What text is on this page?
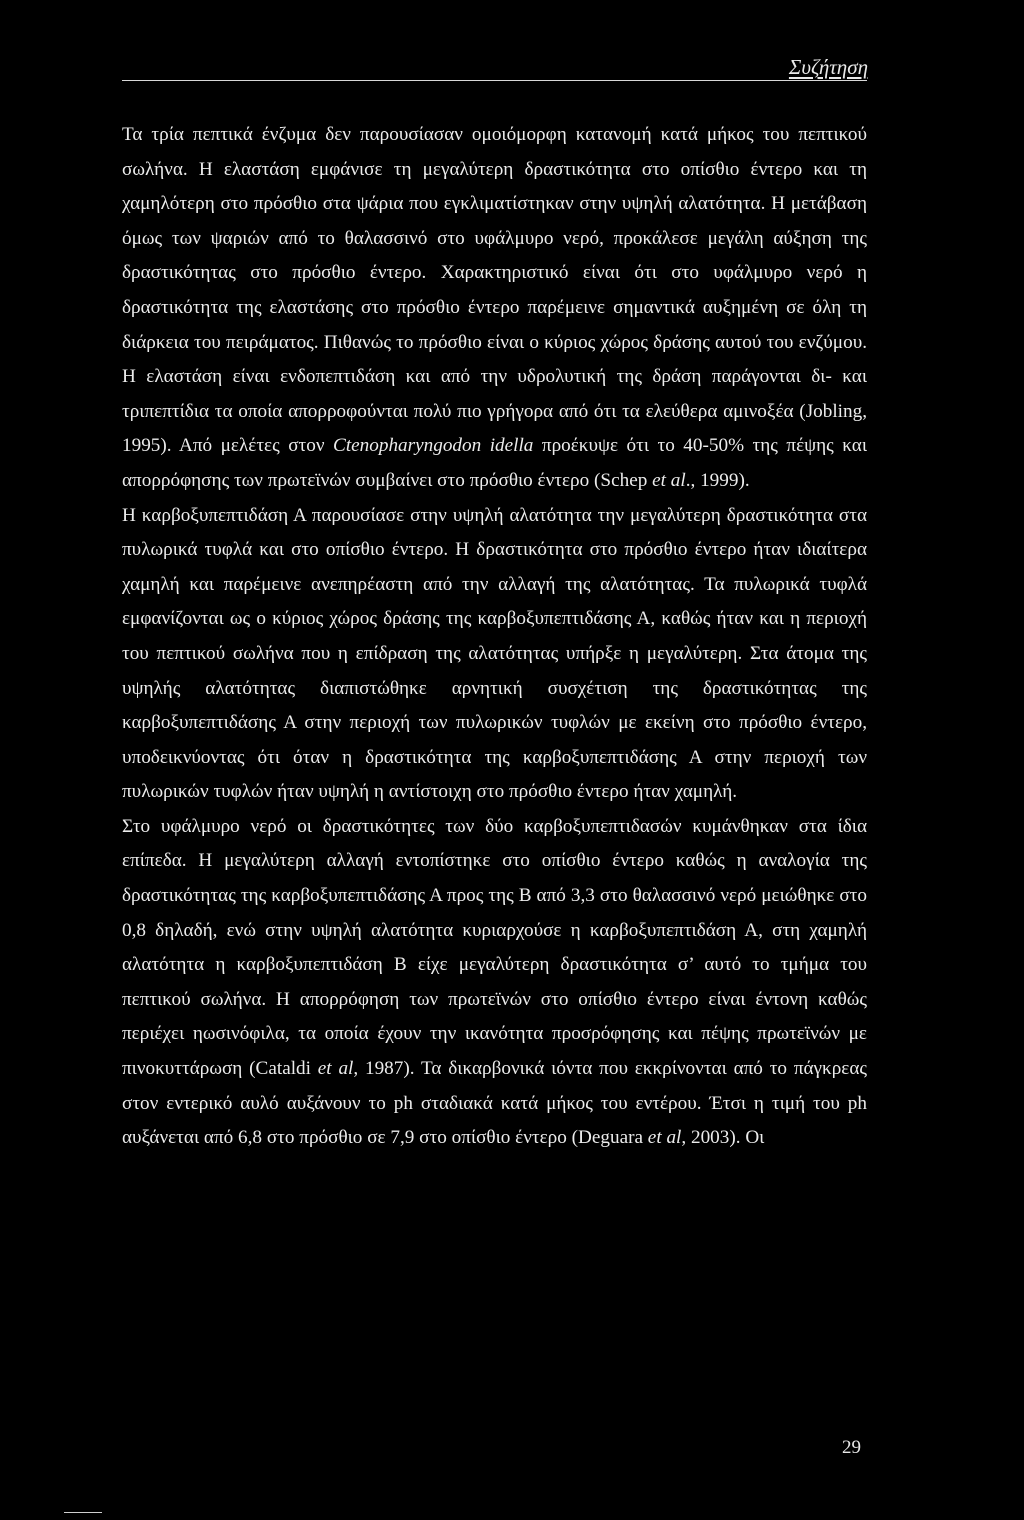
Συζήτηση

Τα τρία πεπτικά ένζυμα δεν παρουσίασαν ομοιόμορφη κατανομή κατά μήκος του πεπτικού σωλήνα. Η ελαστάση εμφάνισε τη μεγαλύτερη δραστικότητα στο οπίσθιο έντερο και τη χαμηλότερη στο πρόσθιο στα ψάρια που εγκλιματίστηκαν στην υψηλή αλατότητα. Η μετάβαση όμως των ψαριών από το θαλασσινό στο υφάλμυρο νερό, προκάλεσε μεγάλη αύξηση της δραστικότητας στο πρόσθιο έντερο. Χαρακτηριστικό είναι ότι στο υφάλμυρο νερό η δραστικότητα της ελαστάσης στο πρόσθιο έντερο παρέμεινε σημαντικά αυξημένη σε όλη τη διάρκεια του πειράματος. Πιθανώς το πρόσθιο είναι ο κύριος χώρος δράσης αυτού του ενζύμου. Η ελαστάση είναι ενδοπεπτιδάση και από την υδρολυτική της δράση παράγονται δι- και τριπεπτίδια τα οποία απορροφούνται πολύ πιο γρήγορα από ότι τα ελεύθερα αμινοξέα (Jobling, 1995). Από μελέτες στον Ctenopharyngodon idella προέκυψε ότι το 40-50% της πέψης και απορρόφησης των πρωτεϊνών συμβαίνει στο πρόσθιο έντερο (Schep et al., 1999).

Η καρβοξυπεπτιδάση Α παρουσίασε στην υψηλή αλατότητα την μεγαλύτερη δραστικότητα στα πυλωρικά τυφλά και στο οπίσθιο έντερο. Η δραστικότητα στο πρόσθιο έντερο ήταν ιδιαίτερα χαμηλή και παρέμεινε ανεπηρέαστη από την αλλαγή της αλατότητας. Τα πυλωρικά τυφλά εμφανίζονται ως ο κύριος χώρος δράσης της καρβοξυπεπτιδάσης Α, καθώς ήταν και η περιοχή του πεπτικού σωλήνα που η επίδραση της αλατότητας υπήρξε η μεγαλύτερη. Στα άτομα της υψηλής αλατότητας διαπιστώθηκε αρνητική συσχέτιση της δραστικότητας της καρβοξυπεπτιδάσης Α στην περιοχή των πυλωρικών τυφλών με εκείνη στο πρόσθιο έντερο, υποδεικνύοντας ότι όταν η δραστικότητα της καρβοξυπεπτιδάσης Α στην περιοχή των πυλωρικών τυφλών ήταν υψηλή η αντίστοιχη στο πρόσθιο έντερο ήταν χαμηλή.

Στο υφάλμυρο νερό οι δραστικότητες των δύο καρβοξυπεπτιδασών κυμάνθηκαν στα ίδια επίπεδα. Η μεγαλύτερη αλλαγή εντοπίστηκε στο οπίσθιο έντερο καθώς η αναλογία της δραστικότητας της καρβοξυπεπτιδάσης Α προς της Β από 3,3 στο θαλασσινό νερό μειώθηκε στο 0,8 δηλαδή, ενώ στην υψηλή αλατότητα κυριαρχούσε η καρβοξυπεπτιδάση Α, στη χαμηλή αλατότητα η καρβοξυπεπτιδάση Β είχε μεγαλύτερη δραστικότητα σ’ αυτό το τμήμα του πεπτικού σωλήνα. Η απορρόφηση των πρωτεϊνών στο οπίσθιο έντερο είναι έντονη καθώς περιέχει ηωσινόφιλα, τα οποία έχουν την ικανότητα προσρόφησης και πέψης πρωτεϊνών με πινοκυττάρωση (Cataldi et al, 1987). Τα δικαρβονικά ιόντα που εκκρίνονται από το πάγκρεας στον εντερικό αυλό αυξάνουν το ph σταδιακά κατά μήκος του εντέρου. Έτσι η τιμή του ph αυξάνεται από 6,8 στο πρόσθιο σε 7,9 στο οπίσθιο έντερο (Deguara et al, 2003). Οι

29
